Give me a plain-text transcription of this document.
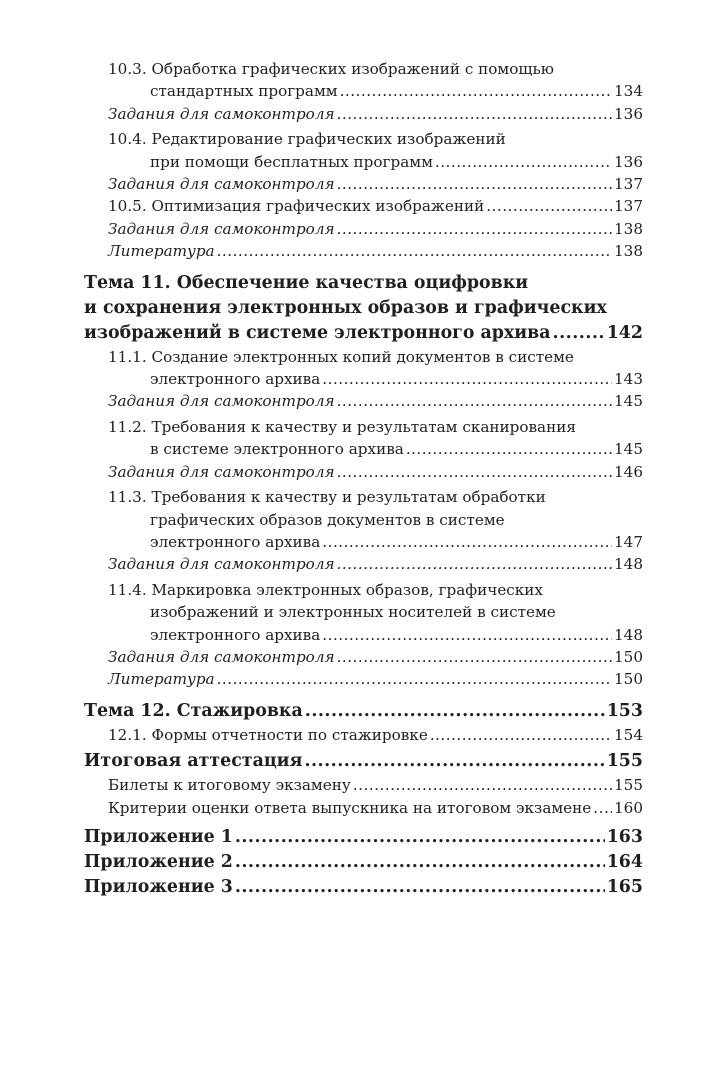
10.3. Обработка графических изображений с помощью
стандартных программ .....	134
Задания для самоконтроля .....	136
10.4. Редактирование графических изображений
при помощи бесплатных программ .....	136
Задания для самоконтроля .....	137
10.5. Оптимизация графических изображений .....	137
Задания для самоконтроля .....	138
Литература .....	138
Тема 11. Обеспечение качества оцифровки
и сохранения электронных образов и графических
изображений в системе электронного архива .....	142
11.1. Создание электронных копий документов в системе
электронного архива .....	143
Задания для самоконтроля .....	145
11.2. Требования к качеству и результатам сканирования
в системе электронного архива .....	145
Задания для самоконтроля .....	146
11.3. Требования к качеству и результатам обработки
графических образов документов в системе
электронного архива .....	147
Задания для самоконтроля .....	148
11.4. Маркировка электронных образов, графических
изображений и электронных носителей в системе
электронного архива .....	148
Задания для самоконтроля .....	150
Литература .....	150
Тема 12. Стажировка .....	153
12.1. Формы отчетности по стажировке .....	154
Итоговая аттестация .....	155
Билеты к итоговому экзамену .....	155
Критерии оценки ответа выпускника на итоговом экзамене ..... 160
Приложение 1 .....	163
Приложение 2 .....	164
Приложение 3 .....	165
